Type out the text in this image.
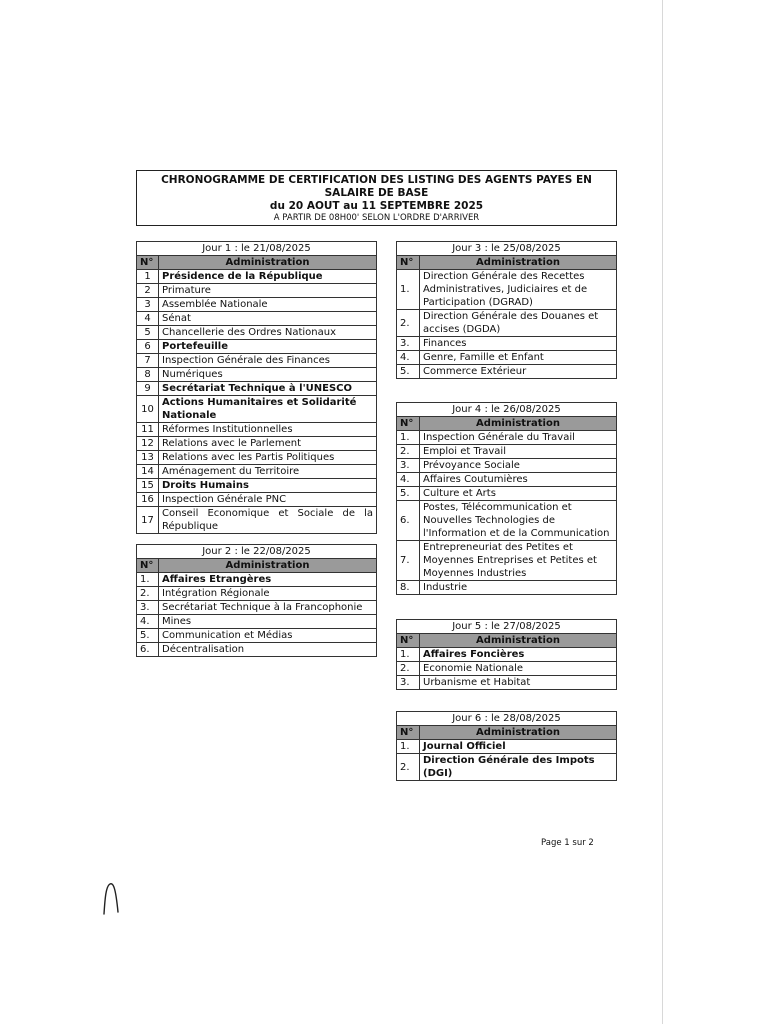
CHRONOGRAMME DE CERTIFICATION DES LISTING DES AGENTS PAYES EN SALAIRE DE BASE
du 20 AOUT au 11 SEPTEMBRE 2025
A PARTIR DE 08H00' SELON L'ORDRE D'ARRIVER
Jour 1 : le 21/08/2025	
N°	Administration
1	Présidence de la République
2	Primature
3	Assemblée Nationale
4	Sénat
5	Chancellerie des Ordres Nationaux
6	Portefeuille
7	Inspection Générale des Finances
8	Numériques
9	Secrétariat Technique à l'UNESCO
10	Actions Humanitaires et Solidarité Nationale
11	Réformes Institutionnelles
12	Relations avec le Parlement
13	Relations avec les Partis Politiques
14	Aménagement du Territoire
15	Droits Humains
16	Inspection Générale PNC
17	Conseil Economique et Sociale de la République
Jour 2 : le 22/08/2025	
N°	Administration
1.	Affaires Etrangères
2.	Intégration Régionale
3.	Secrétariat Technique à la Francophonie
4.	Mines
5.	Communication et Médias
6.	Décentralisation
Jour 3 : le 25/08/2025	
N°	Administration
1.	Direction Générale des Recettes Administratives, Judiciaires et de Participation (DGRAD)
2.	Direction Générale des Douanes et accises (DGDA)
3.	Finances
4.	Genre, Famille et Enfant
5.	Commerce Extérieur
Jour 4 : le 26/08/2025	
N°	Administration
1.	Inspection Générale du Travail
2.	Emploi et Travail
3.	Prévoyance Sociale
4.	Affaires Coutumières
5.	Culture et Arts
6.	Postes, Télécommunication et Nouvelles Technologies de l'Information et de la Communication
7.	Entrepreneuriat des Petites et Moyennes Entreprises et Petites et Moyennes Industries
8.	Industrie
Jour 5 : le 27/08/2025	
N°	Administration
1.	Affaires Foncières
2.	Economie Nationale
3.	Urbanisme et Habitat
Jour 6 : le 28/08/2025	
N°	Administration
1.	Journal Officiel
2.	Direction Générale des Impots (DGI)
Page 1 sur 2
